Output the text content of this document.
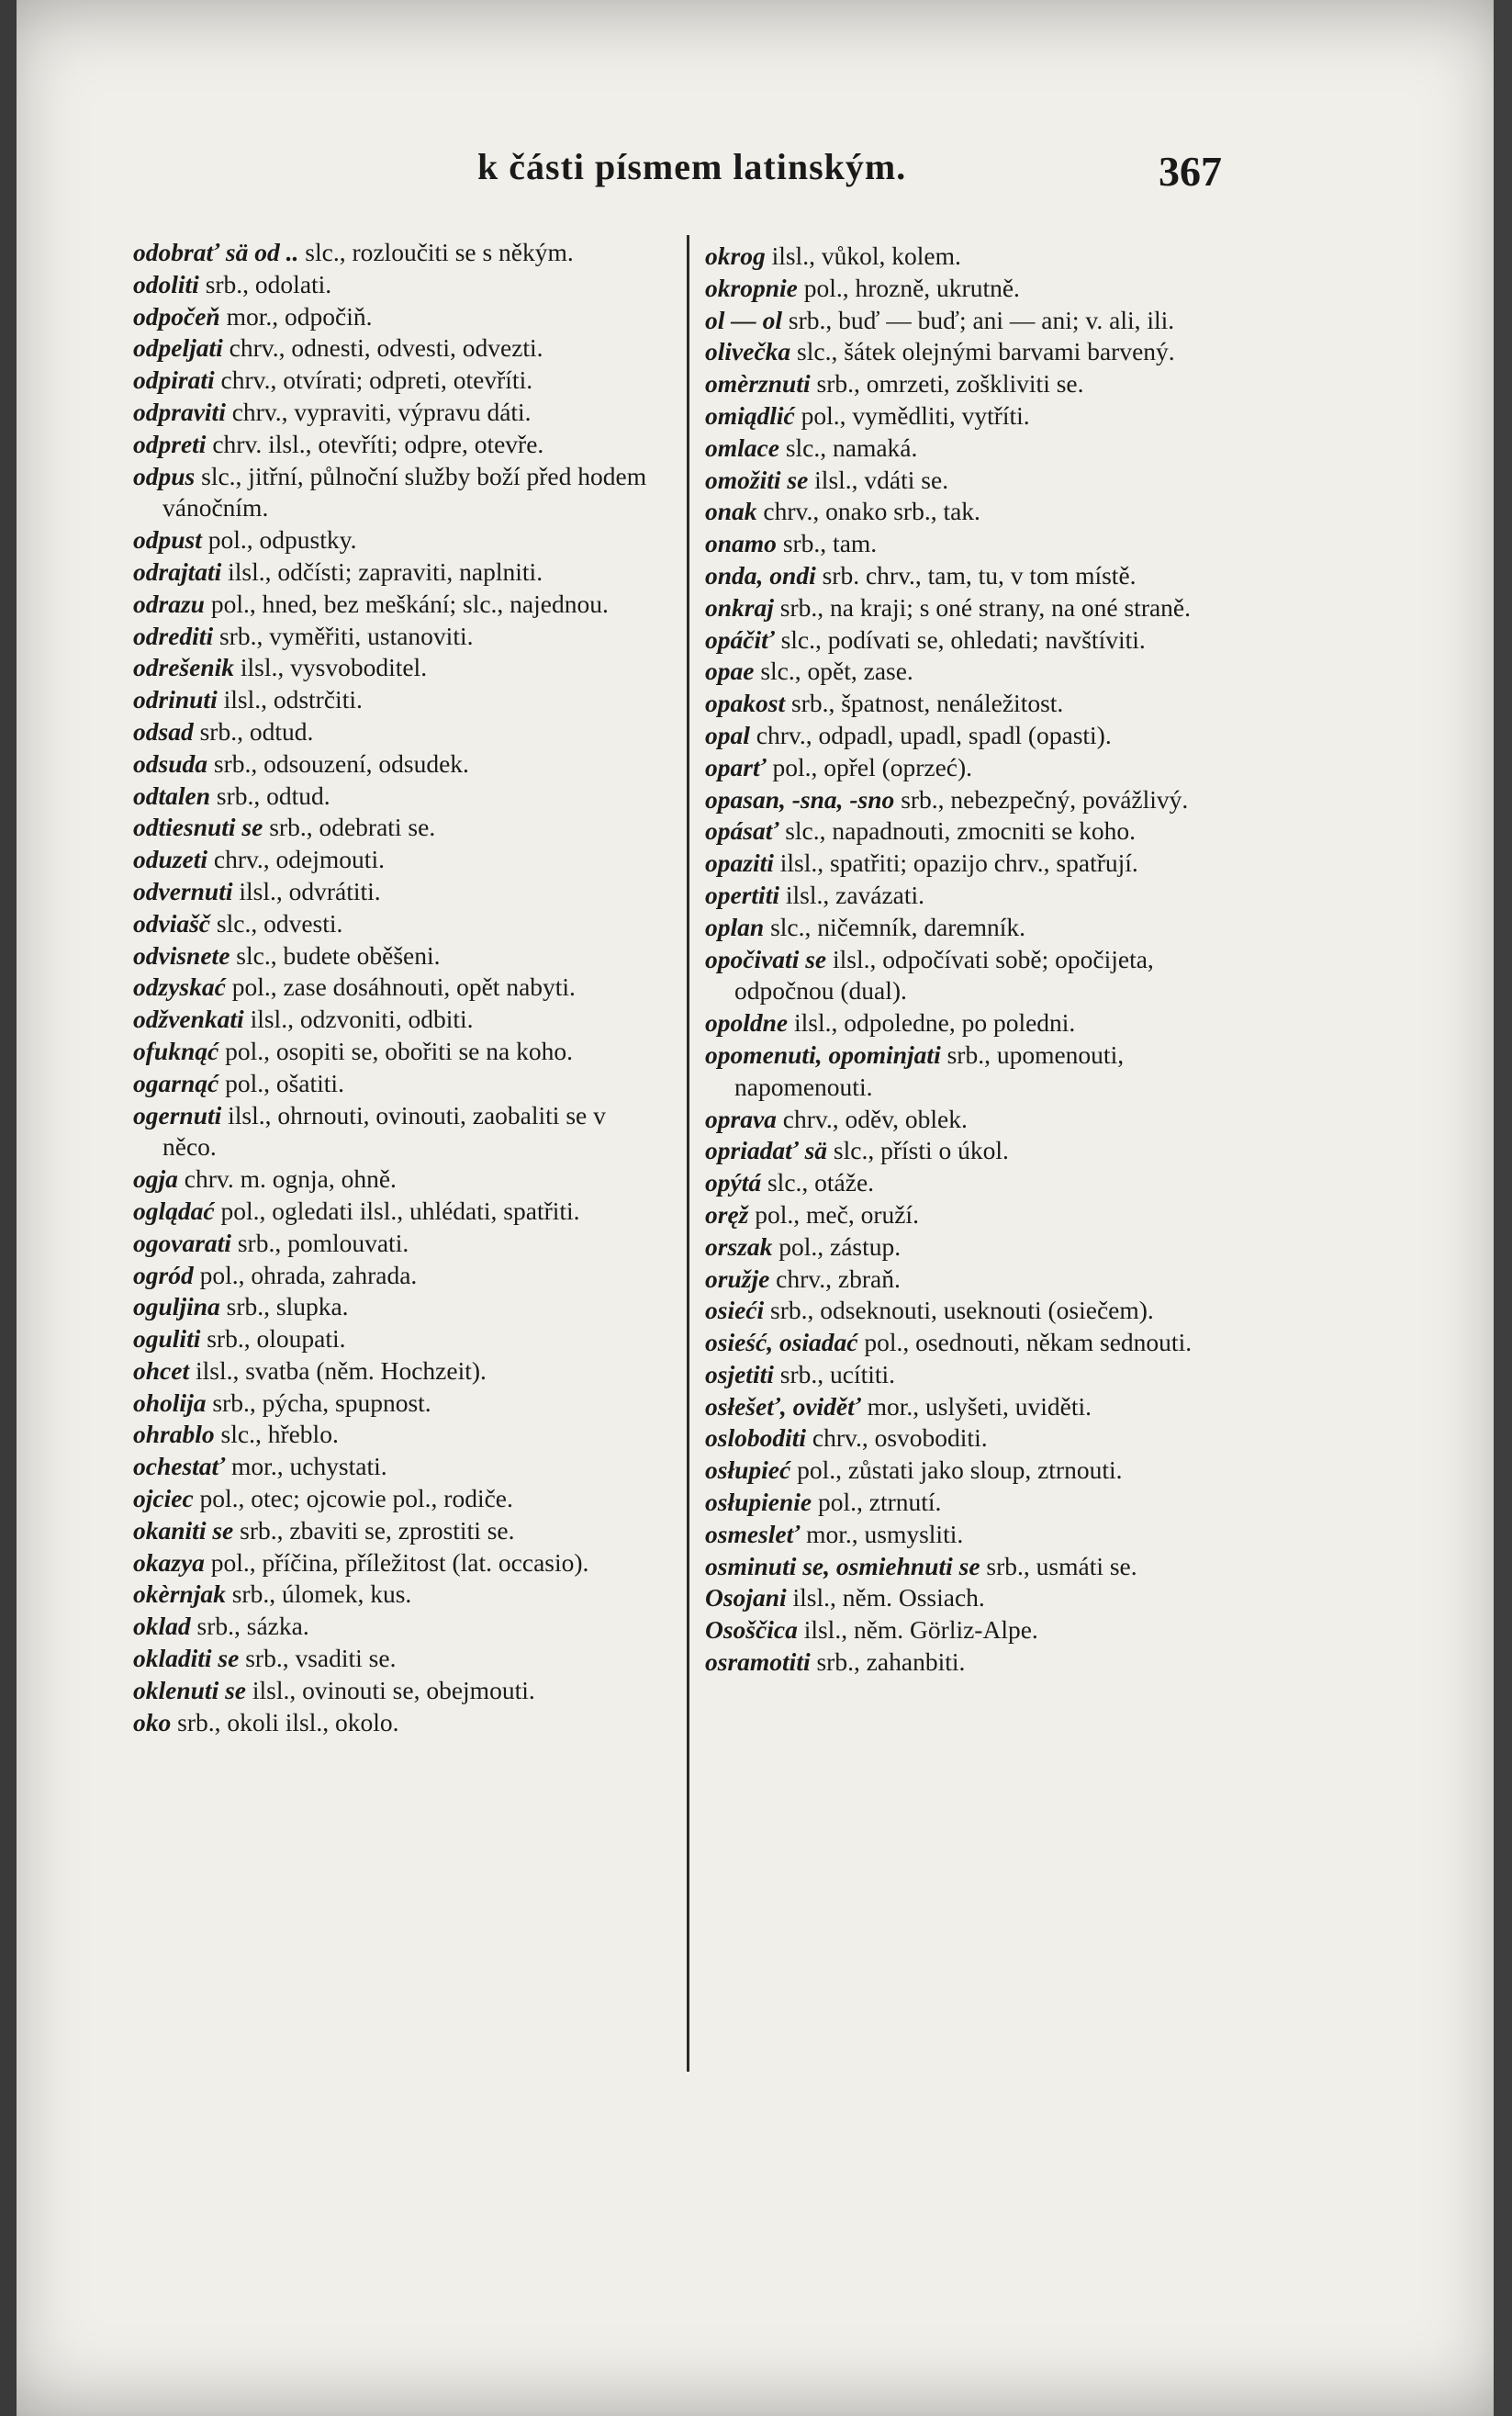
k části písmem latinským.	367

odobrať sä od .. slc., rozloučiti se s někým.

odoliti srb., odolati.

odpočeň mor., odpočiň.

odpeljati chrv., odnesti, odvesti, odvezti.

odpirati chrv., otvírati; odpreti, otevříti.

odpraviti chrv., vypraviti, výpravu dáti.

odpreti chrv. ilsl., otevříti; odpre, otevře.

odpus slc., jitřní, půlnoční služby boží před hodem vánočním.

odpust pol., odpustky.

odrajtati ilsl., odčísti; zapraviti, naplniti.

odrazu pol., hned, bez meškání; slc., najednou.

odrediti srb., vyměřiti, ustanoviti.

odrešenik ilsl., vysvoboditel.

odrinuti ilsl., odstrčiti.

odsad srb., odtud.

odsuda srb., odsouzení, odsudek.

odtalen srb., odtud.

odtiesnuti se srb., odebrati se.

oduzeti chrv., odejmouti.

odvernuti ilsl., odvrátiti.

odviašč slc., odvesti.

odvisnete slc., budete oběšeni.

odzyskać pol., zase dosáhnouti, opět nabyti.

odžvenkati ilsl., odzvoniti, odbiti.

ofuknąć pol., osopiti se, obořiti se na koho.

ogarnąć pol., ošatiti.

ogernuti ilsl., ohrnouti, ovinouti, zaobaliti se v něco.

ogja chrv. m. ognja, ohně.

oglądać pol., ogledati ilsl., uhlédati, spatřiti.

ogovarati srb., pomlouvati.

ogród pol., ohrada, zahrada.

oguljina srb., slupka.

oguliti srb., oloupati.

ohcet ilsl., svatba (něm. Hochzeit).

oholija srb., pýcha, spupnost.

ohrablo slc., hřeblo.

ochestať mor., uchystati.

ojciec pol., otec; ojcowie pol., rodiče.

okaniti se srb., zbaviti se, zprostiti se.

okazya pol., příčina, příležitost (lat. occasio).

okèrnjak srb., úlomek, kus.

oklad srb., sázka.

okladiti se srb., vsaditi se.

oklenuti se ilsl., ovinouti se, obejmouti.

oko srb., okoli ilsl., okolo.

okrog ilsl., vůkol, kolem.

okropnie pol., hrozně, ukrutně.

ol — ol srb., buď — buď; ani — ani; v. ali, ili.

olivečka slc., šátek olejnými barvami barvený.

omèrznuti srb., omrzeti, zoškliviti se.

omiądlić pol., vymědliti, vytříti.

omlace slc., namaká.

omožiti se ilsl., vdáti se.

onak chrv., onako srb., tak.

onamo srb., tam.

onda, ondi srb. chrv., tam, tu, v tom místě.

onkraj srb., na kraji; s oné strany, na oné straně.

opáčiť slc., podívati se, ohledati; navštíviti.

opae slc., opět, zase.

opakost srb., špatnost, nenáležitost.

opal chrv., odpadl, upadl, spadl (opasti).

oparť pol., opřel (oprzeć).

opasan, -sna, -sno srb., nebezpečný, povážlivý.

opásať slc., napadnouti, zmocniti se koho.

opaziti ilsl., spatřiti; opazijo chrv., spatřují.

opertiti ilsl., zavázati.

oplan slc., ničemník, daremník.

opočivati se ilsl., odpočívati sobě; opočijeta, odpočnou (dual).

opoldne ilsl., odpoledne, po poledni.

opomenuti, opominjati srb., upomenouti, napomenouti.

oprava chrv., oděv, oblek.

opriadať sä slc., přísti o úkol.

opýtá slc., otáže.

oręž pol., meč, oruží.

orszak pol., zástup.

oružje chrv., zbraň.

osieći srb., odseknouti, useknouti (osiečem).

osieść, osiadać pol., osednouti, někam sednouti.

osjetiti srb., ucítiti.

osłešeť, oviděť mor., uslyšeti, uviděti.

osloboditi chrv., osvoboditi.

osłupieć pol., zůstati jako sloup, ztrnouti.

osłupienie pol., ztrnutí.

osmesleť mor., usmysliti.

osminuti se, osmiehnuti se srb., usmáti se.

Osojani ilsl., něm. Ossiach.

Osoščica ilsl., něm. Görliz-Alpe.

osramotiti srb., zahanbiti.
